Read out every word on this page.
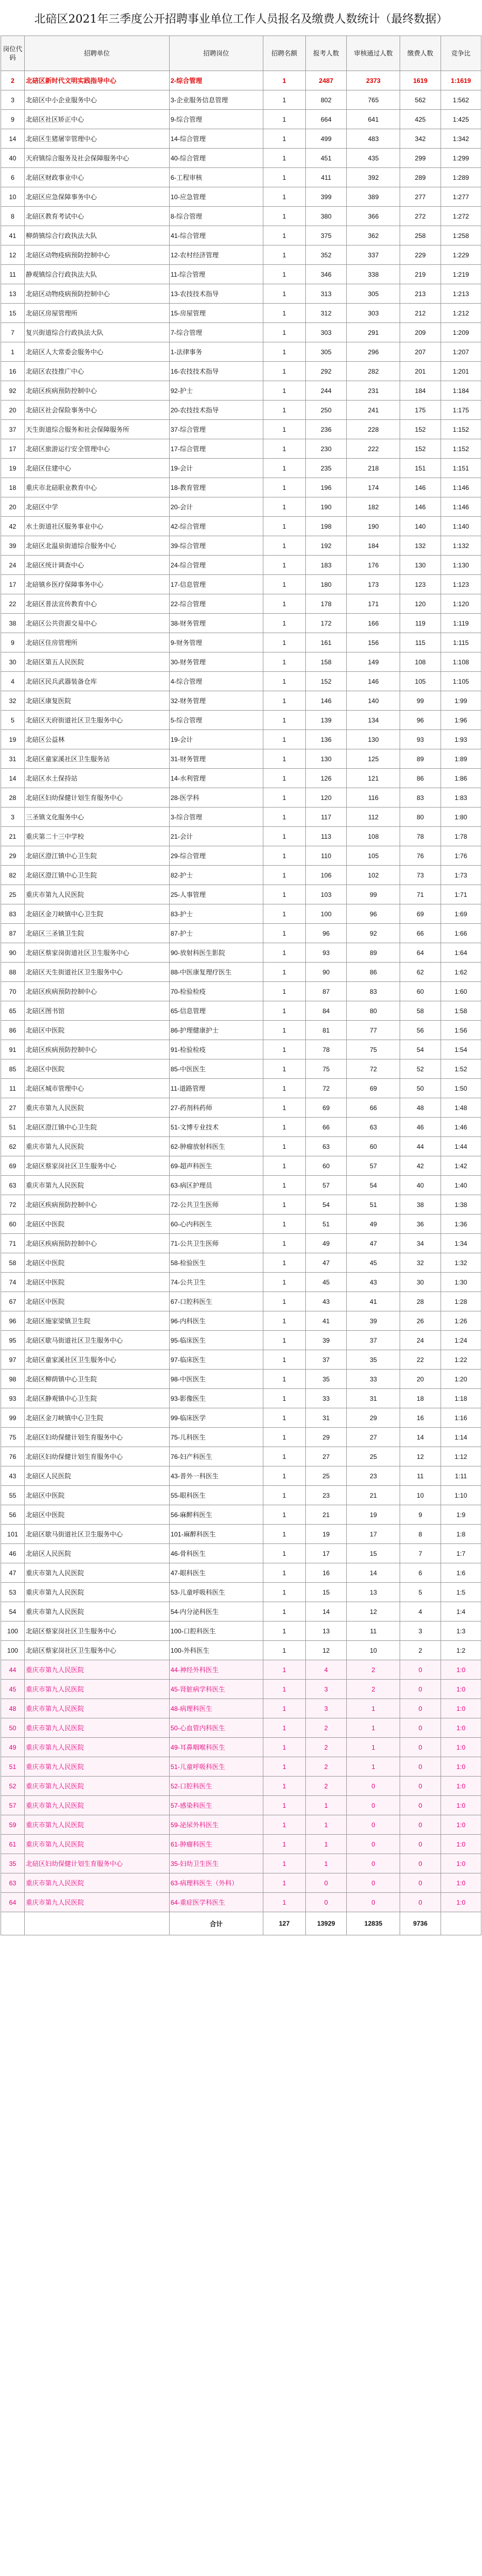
北碚区2021年三季度公开招聘事业单位工作人员报名及缴费人数统计（最终数据）
岗位代码	招聘单位	招聘岗位	招聘名额	报考人数	审核通过人数	缴费人数	竞争比
2	北碚区新时代文明实践指导中心	2-综合管理	1	2487	2373	1619	1:1619
3	北碚区中小企业服务中心	3-企业服务信息管理	1	802	765	562	1:562
9	北碚区社区矫正中心	9-综合管理	1	664	641	425	1:425
14	北碚区生猪屠宰管理中心	14-综合管理	1	499	483	342	1:342
40	天府镇综合服务及社会保障服务中心	40-综合管理	1	451	435	299	1:299
6	北碚区财政事业中心	6-工程审核	1	411	392	289	1:289
10	北碚区应急保障事务中心	10-应急管理	1	399	389	277	1:277
8	北碚区教育考试中心	8-综合管理	1	380	366	272	1:272
41	柳荫镇综合行政执法大队	41-综合管理	1	375	362	258	1:258
12	北碚区动物疫病预防控制中心	12-农村经济管理	1	352	337	229	1:229
11	静观镇综合行政执法大队	11-综合管理	1	346	338	219	1:219
13	北碚区动物疫病预防控制中心	13-农技技术指导	1	313	305	213	1:213
15	北碚区房屋管理所	15-房屋管理	1	312	303	212	1:212
7	复兴街道综合行政执法大队	7-综合管理	1	303	291	209	1:209
1	北碚区人大常委会服务中心	1-法律事务	1	305	296	207	1:207
16	北碚区农技推广中心	16-农技技术指导	1	292	282	201	1:201
92	北碚区疾病预防控制中心	92-护士	1	244	231	184	1:184
20	北碚区社会保险事务中心	20-农技技术指导	1	250	241	175	1:175
37	天生街道综合服务和社会保障服务所	37-综合管理	1	236	228	152	1:152
17	北碚区旅游运行安全管理中心	17-综合管理	1	230	222	152	1:152
19	北碚区住建中心	19-会计	1	235	218	151	1:151
18	重庆市北碚职业教育中心	18-教育管理	1	196	174	146	1:146
20	北碚区中学	20-会计	1	190	182	146	1:146
42	水土街道社区服务事业中心	42-综合管理	1	198	190	140	1:140
39	北碚区北温泉街道综合服务中心	39-综合管理	1	192	184	132	1:132
24	北碚区统计调查中心	24-综合管理	1	183	176	130	1:130
17	北碚镇乡医疗保障事务中心	17-信息管理	1	180	173	123	1:123
22	北碚区普法宣传教育中心	22-综合管理	1	178	171	120	1:120
38	北碚区公共资源交易中心	38-财务管理	1	172	166	119	1:119
9	北碚区住房管理所	9-财务管理	1	161	156	115	1:115
30	北碚区第五人民医院	30-财务管理	1	158	149	108	1:108
4	北碚区民兵武器装备仓库	4-综合管理	1	152	146	105	1:105
32	北碚区康复医院	32-财务管理	1	146	140	99	1:99
5	北碚区天府街道社区卫生服务中心	5-综合管理	1	139	134	96	1:96
19	北碚区公益林	19-会计	1	136	130	93	1:93
31	北碚区童家溪社区卫生服务站	31-财务管理	1	130	125	89	1:89
14	北碚区水土保持站	14-水利管理	1	126	121	86	1:86
28	北碚区妇幼保健计划生育服务中心	28-医学科	1	120	116	83	1:83
3	三圣镇文化服务中心	3-综合管理	1	117	112	80	1:80
21	重庆第二十三中学校	21-会计	1	113	108	78	1:78
29	北碚区澄江镇中心卫生院	29-综合管理	1	110	105	76	1:76
82	北碚区澄江镇中心卫生院	82-护士	1	106	102	73	1:73
25	重庆市第九人民医院	25-人事管理	1	103	99	71	1:71
83	北碚区金刀峡镇中心卫生院	83-护士	1	100	96	69	1:69
87	北碚区三圣镇卫生院	87-护士	1	96	92	66	1:66
90	北碚区蔡家岗街道社区卫生服务中心	90-放射科医生影院	1	93	89	64	1:64
88	北碚区天生街道社区卫生服务中心	88-中医康复理疗医生	1	90	86	62	1:62
70	北碚区疾病预防控制中心	70-检验检疫	1	87	83	60	1:60
65	北碚区图书馆	65-信息管理	1	84	80	58	1:58
86	北碚区中医院	86-护理健康护士	1	81	77	56	1:56
91	北碚区疾病预防控制中心	91-检验检疫	1	78	75	54	1:54
85	北碚区中医院	85-中医医生	1	75	72	52	1:52
11	北碚区城市管理中心	11-道路管理	1	72	69	50	1:50
27	重庆市第九人民医院	27-药剂科药师	1	69	66	48	1:48
51	北碚区澄江镇中心卫生院	51-文博专业技术	1	66	63	46	1:46
62	重庆市第九人民医院	62-肿瘤放射科医生	1	63	60	44	1:44
69	北碚区蔡家岗社区卫生服务中心	69-超声科医生	1	60	57	42	1:42
63	重庆市第九人民医院	63-病区护理员	1	57	54	40	1:40
72	北碚区疾病预防控制中心	72-公共卫生医师	1	54	51	38	1:38
60	北碚区中医院	60-心内科医生	1	51	49	36	1:36
71	北碚区疾病预防控制中心	71-公共卫生医师	1	49	47	34	1:34
58	北碚区中医院	58-检验医生	1	47	45	32	1:32
74	北碚区中医院	74-公共卫生	1	45	43	30	1:30
67	北碚区中医院	67-口腔科医生	1	43	41	28	1:28
96	北碚区施家梁镇卫生院	96-内科医生	1	41	39	26	1:26
95	北碚区歇马街道社区卫生服务中心	95-临床医生	1	39	37	24	1:24
97	北碚区童家溪社区卫生服务中心	97-临床医生	1	37	35	22	1:22
98	北碚区柳荫镇中心卫生院	98-中医医生	1	35	33	20	1:20
93	北碚区静观镇中心卫生院	93-影像医生	1	33	31	18	1:18
99	北碚区金刀峡镇中心卫生院	99-临床医学	1	31	29	16	1:16
75	北碚区妇幼保健计划生育服务中心	75-儿科医生	1	29	27	14	1:14
76	北碚区妇幼保健计划生育服务中心	76-妇产科医生	1	27	25	12	1:12
43	北碚区人民医院	43-普外一科医生	1	25	23	11	1:11
55	北碚区中医院	55-眼科医生	1	23	21	10	1:10
56	北碚区中医院	56-麻醉科医生	1	21	19	9	1:9
101	北碚区歇马街道社区卫生服务中心	101-麻醉科医生	1	19	17	8	1:8
46	北碚区人民医院	46-骨科医生	1	17	15	7	1:7
47	重庆市第九人民医院	47-眼科医生	1	16	14	6	1:6
53	重庆市第九人民医院	53-儿童呼吸科医生	1	15	13	5	1:5
54	重庆市第九人民医院	54-内分泌科医生	1	14	12	4	1:4
100	北碚区蔡家岗社区卫生服务中心	100-口腔科医生	1	13	11	3	1:3
100	北碚区蔡家岗社区卫生服务中心	100-外科医生	1	12	10	2	1:2
44	重庆市第九人民医院	44-神经外科医生	1	4	2	0	1:0
45	重庆市第九人民医院	45-肾脏病学科医生	1	3	2	0	1:0
48	重庆市第九人民医院	48-病理科医生	1	3	1	0	1:0
50	重庆市第九人民医院	50-心血管内科医生	1	2	1	0	1:0
49	重庆市第九人民医院	49-耳鼻咽喉科医生	1	2	1	0	1:0
51	重庆市第九人民医院	51-儿童呼吸科医生	1	2	1	0	1:0
52	重庆市第九人民医院	52-口腔科医生	1	2	0	0	1:0
57	重庆市第九人民医院	57-感染科医生	1	1	0	0	1:0
59	重庆市第九人民医院	59-泌尿外科医生	1	1	0	0	1:0
61	重庆市第九人民医院	61-肿瘤科医生	1	1	0	0	1:0
35	北碚区妇幼保健计划生育服务中心	35-妇幼卫生医生	1	1	0	0	1:0
63	重庆市第九人民医院	63-病理科医生（外科）	1	0	0	0	1:0
64	重庆市第九人民医院	64-重症医学科医生	1	0	0	0	1:0
		合计	127	13929	12835	9736	
